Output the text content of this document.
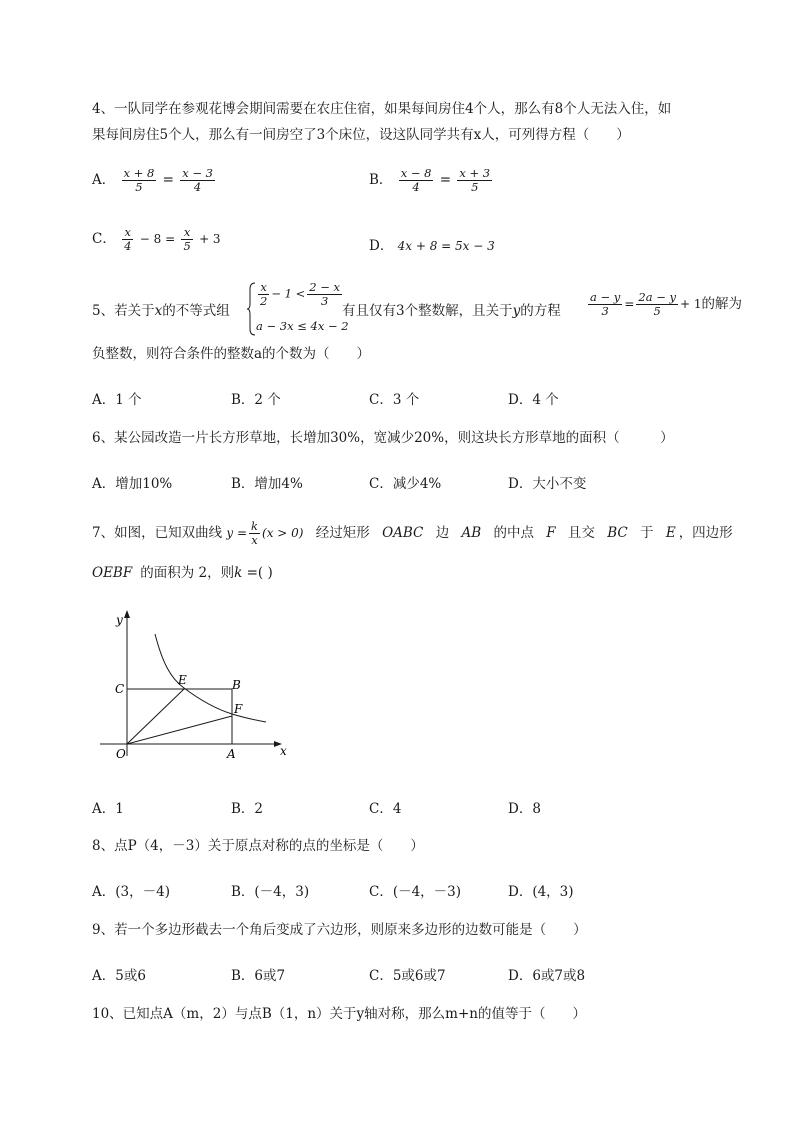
4、一队同学在参观花博会期间需要在农庄住宿，如果每间房住4个人，那么有8个人无法入住，如
果每间房住5个人，那么有一间房空了3个床位，设这队同学共有x人，可列得方程（　　）
A． $\frac{x + 8}{5} = \frac{x - 3}{4}$	B． $\frac{x - 8}{4} = \frac{x + 3}{5}$
C． $\frac{x}{4} - 8 = \frac{x}{5} + 3$	D． 4x + 8 = 5x − 3
5、若关于x的不等式组
$\frac{x}{2} - 1 < \frac{2 - x}{3}$
a − 3x ≤ 4x − 2
有且仅有3个整数解，且关于y的方程 $\frac{a - y}{3} = \frac{2a - y}{5} + 1$的解为
负整数，则符合条件的整数a的个数为（　　）
A．1 个	B．2 个	C．3 个	D．4 个
6、某公园改造一片长方形草地，长增加30%，宽减少20%，则这块长方形草地的面积（　　　）
A．增加10%	B．增加4%	C．减少4%	D．大小不变
7、如图，已知双曲线 $y = \frac{k}{x} (x > 0)$ 经过矩形 OABC 边 AB 的中点 F 且交 BC 于 E ，四边形
OEBF 的面积为 2，则k =( )
y
x
O	A
B
C
E
F
A．1	B．2	C．4	D．8
8、点P（4，－3）关于原点对称的点的坐标是（　　）
A．(3，－4)	B．(－4，3)	C．(－4，－3)	D．(4，3)
9、若一个多边形截去一个角后变成了六边形，则原来多边形的边数可能是（　　）
A．5或6	B．6或7	C．5或6或7	D．6或7或8
10、已知点A（m，2）与点B（1，n）关于y轴对称，那么m+n的值等于（　　）
